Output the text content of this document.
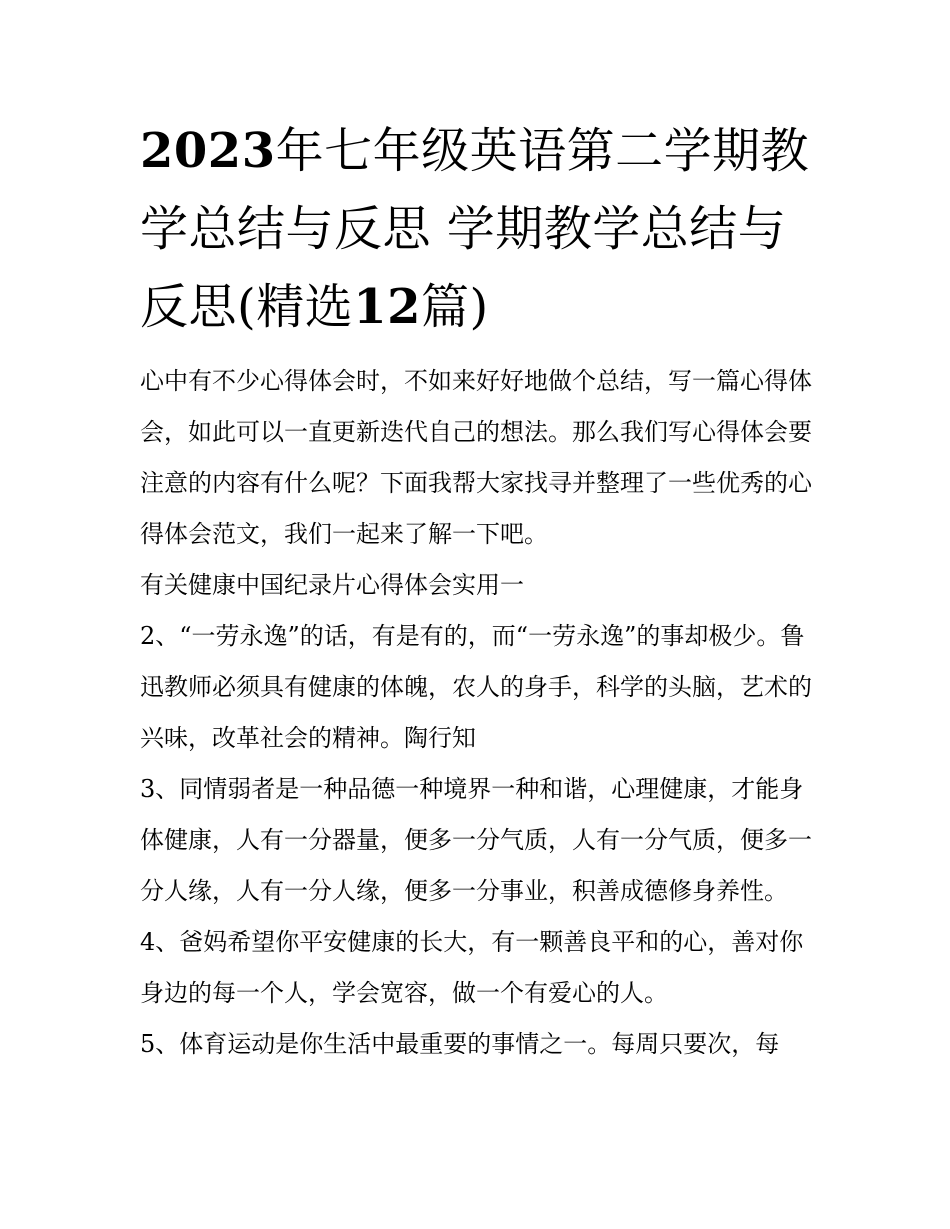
2023年七年级英语第二学期教学总结与反思 学期教学总结与反思(精选12篇)

心中有不少心得体会时，不如来好好地做个总结，写一篇心得体会，如此可以一直更新迭代自己的想法。那么我们写心得体会要注意的内容有什么呢？下面我帮大家找寻并整理了一些优秀的心得体会范文，我们一起来了解一下吧。

有关健康中国纪录片心得体会实用一

2、“一劳永逸”的话，有是有的，而“一劳永逸”的事却极少。鲁迅教师必须具有健康的体魄，农人的身手，科学的头脑，艺术的兴味，改革社会的精神。陶行知

3、同情弱者是一种品德一种境界一种和谐，心理健康，才能身体健康，人有一分器量，便多一分气质，人有一分气质，便多一分人缘，人有一分人缘，便多一分事业，积善成德修身养性。

4、爸妈希望你平安健康的长大，有一颗善良平和的心，善对你身边的每一个人，学会宽容，做一个有爱心的人。

5、体育运动是你生活中最重要的事情之一。每周只要次，每
